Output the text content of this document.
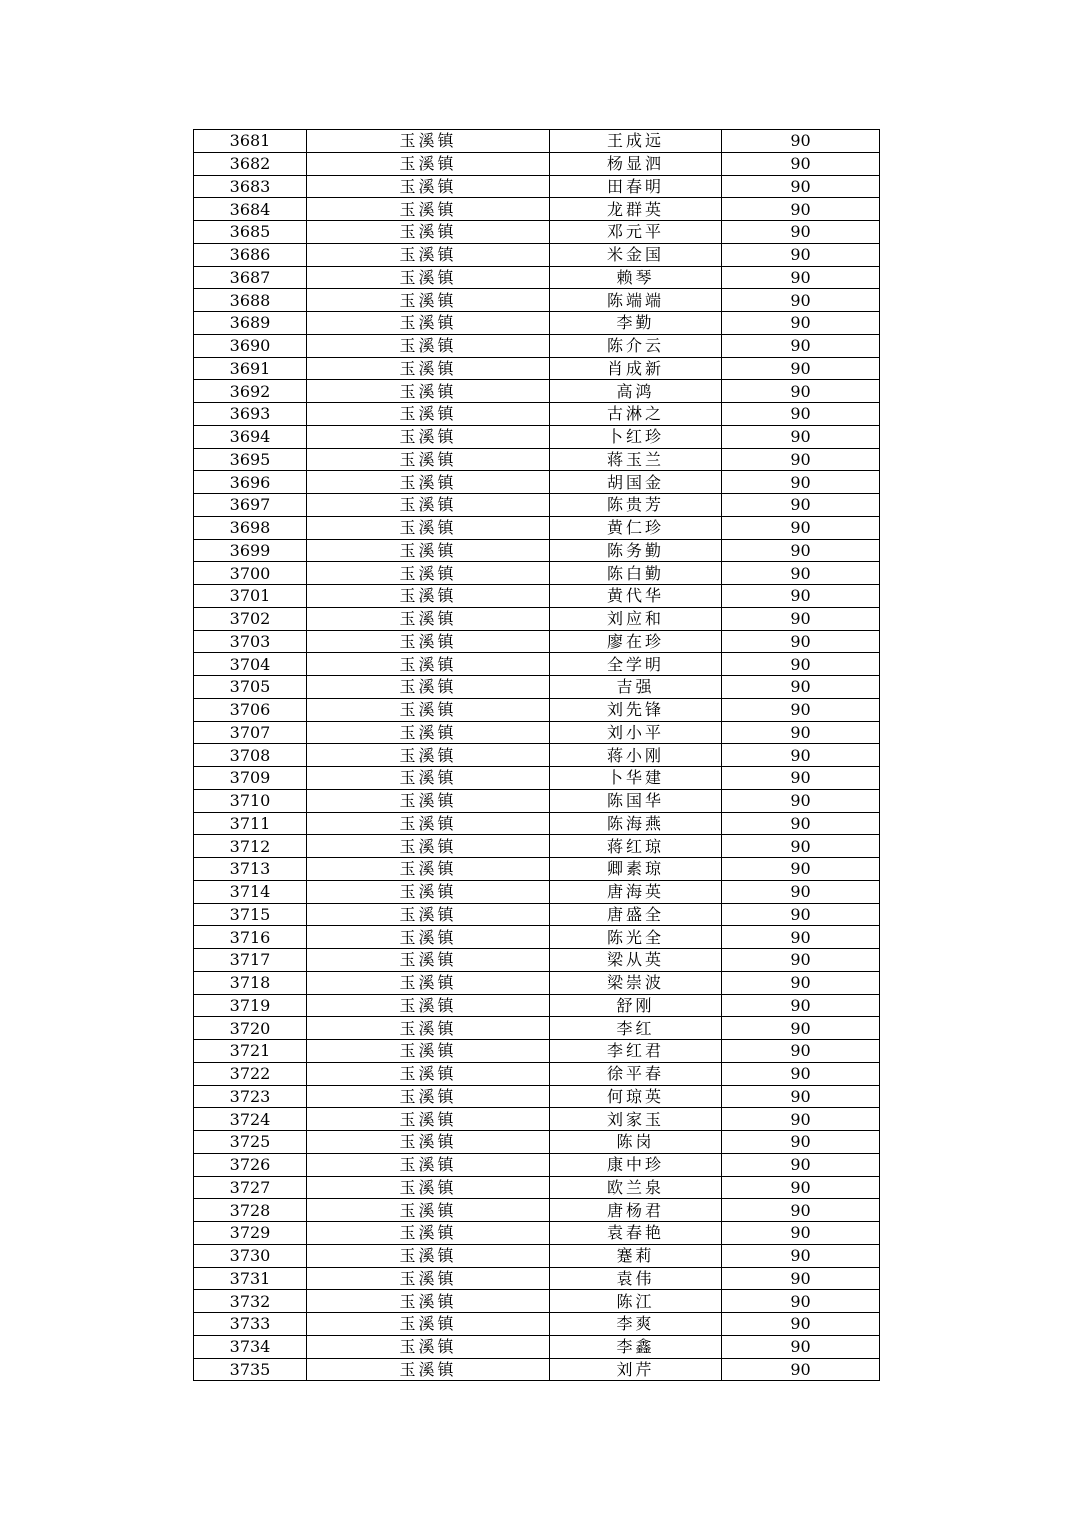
3681	玉溪镇	王成远	90
3682	玉溪镇	杨显泗	90
3683	玉溪镇	田春明	90
3684	玉溪镇	龙群英	90
3685	玉溪镇	邓元平	90
3686	玉溪镇	米金国	90
3687	玉溪镇	赖琴	90
3688	玉溪镇	陈端端	90
3689	玉溪镇	李勤	90
3690	玉溪镇	陈介云	90
3691	玉溪镇	肖成新	90
3692	玉溪镇	高鸿	90
3693	玉溪镇	古淋之	90
3694	玉溪镇	卜红珍	90
3695	玉溪镇	蒋玉兰	90
3696	玉溪镇	胡国金	90
3697	玉溪镇	陈贵芳	90
3698	玉溪镇	黄仁珍	90
3699	玉溪镇	陈务勤	90
3700	玉溪镇	陈白勤	90
3701	玉溪镇	黄代华	90
3702	玉溪镇	刘应和	90
3703	玉溪镇	廖在珍	90
3704	玉溪镇	全学明	90
3705	玉溪镇	吉强	90
3706	玉溪镇	刘先锋	90
3707	玉溪镇	刘小平	90
3708	玉溪镇	蒋小刚	90
3709	玉溪镇	卜华建	90
3710	玉溪镇	陈国华	90
3711	玉溪镇	陈海燕	90
3712	玉溪镇	蒋红琼	90
3713	玉溪镇	卿素琼	90
3714	玉溪镇	唐海英	90
3715	玉溪镇	唐盛全	90
3716	玉溪镇	陈光全	90
3717	玉溪镇	梁从英	90
3718	玉溪镇	梁崇波	90
3719	玉溪镇	舒刚	90
3720	玉溪镇	李红	90
3721	玉溪镇	李红君	90
3722	玉溪镇	徐平春	90
3723	玉溪镇	何琼英	90
3724	玉溪镇	刘家玉	90
3725	玉溪镇	陈岗	90
3726	玉溪镇	康中珍	90
3727	玉溪镇	欧兰泉	90
3728	玉溪镇	唐杨君	90
3729	玉溪镇	袁春艳	90
3730	玉溪镇	蹇莉	90
3731	玉溪镇	袁伟	90
3732	玉溪镇	陈江	90
3733	玉溪镇	李爽	90
3734	玉溪镇	李鑫	90
3735	玉溪镇	刘芹	90
